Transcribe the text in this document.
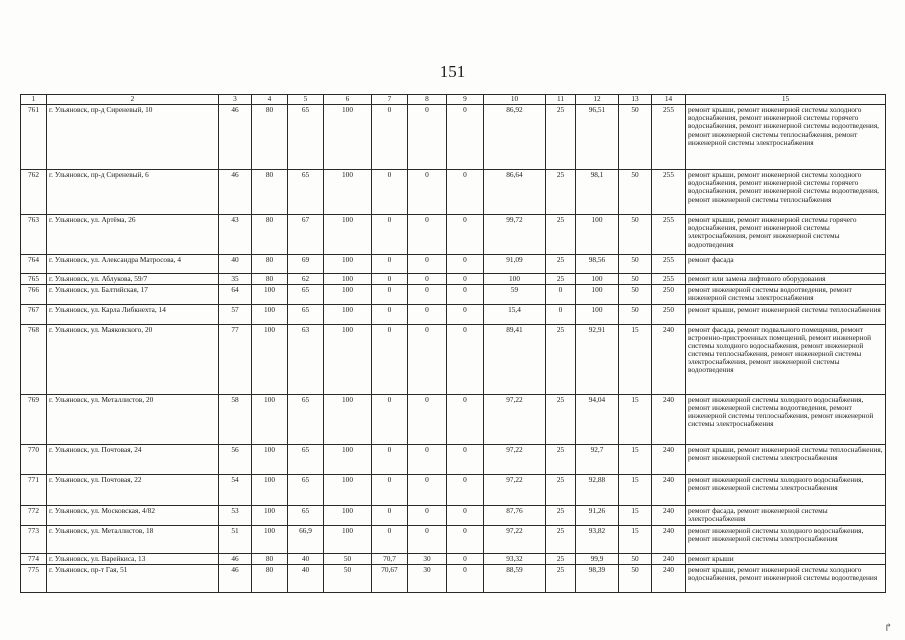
151
1	2	3	4	5	6	7	8	9	10	11	12	13	14	15
761	г. Ульяновск, пр-д Сиреневый, 10	46	80	65	100	0	0	0	86,92	25	96,51	50	255	ремонт крыши, ремонт инженерной системы холодного водоснабжения, ремонт инженерной системы горячего водоснабжения, ремонт инженерной системы водоотведения, ремонт инженерной системы теплоснабжения, ремонт инженерной системы электроснабжения
762	г. Ульяновск, пр-д Сиреневый, 6	46	80	65	100	0	0	0	86,64	25	98,1	50	255	ремонт крыши, ремонт инженерной системы холодного водоснабжения, ремонт инженерной системы горячего водоснабжения, ремонт инженерной системы водоотведения, ремонт инженерной системы теплоснабжения
763	г. Ульяновск, ул. Артёма, 26	43	80	67	100	0	0	0	99,72	25	100	50	255	ремонт крыши, ремонт инженерной системы горячего водоснабжения, ремонт инженерной системы электроснабжения, ремонт инженерной системы водоотведения
764	г. Ульяновск, ул. Александра Матросова, 4	40	80	69	100	0	0	0	91,09	25	98,56	50	255	ремонт фасада
765	г. Ульяновск, ул. Аблукова, 59/7	35	80	62	100	0	0	0	100	25	100	50	255	ремонт или замена лифтового оборудования
766	г. Ульяновск, ул. Балтийская, 17	64	100	65	100	0	0	0	59	0	100	50	250	ремонт инженерной системы водоотведения, ремонт инженерной системы электроснабжения
767	г. Ульяновск, ул. Карла Либкнехта, 14	57	100	65	100	0	0	0	15,4	0	100	50	250	ремонт крыши, ремонт инженерной системы теплоснабжения
768	г. Ульяновск, ул. Маяковского, 20	77	100	63	100	0	0	0	89,41	25	92,91	15	240	ремонт фасада, ремонт подвального помещения, ремонт встроенно-пристроенных помещений, ремонт инженерной системы холодного водоснабжения, ремонт инженерной системы теплоснабжения, ремонт инженерной системы электроснабжения, ремонт инженерной системы водоотведения
769	г. Ульяновск, ул. Металлистов, 20	58	100	65	100	0	0	0	97,22	25	94,04	15	240	ремонт инженерной системы холодного водоснабжения, ремонт инженерной системы водоотведения, ремонт инженерной системы теплоснабжения, ремонт инженерной системы электроснабжения
770	г. Ульяновск, ул. Почтовая, 24	56	100	65	100	0	0	0	97,22	25	92,7	15	240	ремонт крыши, ремонт инженерной системы теплоснабжения, ремонт инженерной системы электроснабжения
771	г. Ульяновск, ул. Почтовая, 22	54	100	65	100	0	0	0	97,22	25	92,88	15	240	ремонт инженерной системы холодного водоснабжения, ремонт инженерной системы электроснабжения
772	г. Ульяновск, ул. Московская, 4/82	53	100	65	100	0	0	0	87,76	25	91,26	15	240	ремонт фасада, ремонт инженерной системы электроснабжения
773	г. Ульяновск, ул. Металлистов, 18	51	100	66,9	100	0	0	0	97,22	25	93,82	15	240	ремонт инженерной системы холодного водоснабжения, ремонт инженерной системы электроснабжения
774	г. Ульяновск, ул. Варейкиса, 13	46	80	40	50	70,7	30	0	93,32	25	99,9	50	240	ремонт крыши
775	г. Ульяновск, пр-т Гая, 51	46	80	40	50	70,67	30	0	88,59	25	98,39	50	240	ремонт крыши, ремонт инженерной системы холодного водоснабжения, ремонт инженерной системы водоотведения
↱
